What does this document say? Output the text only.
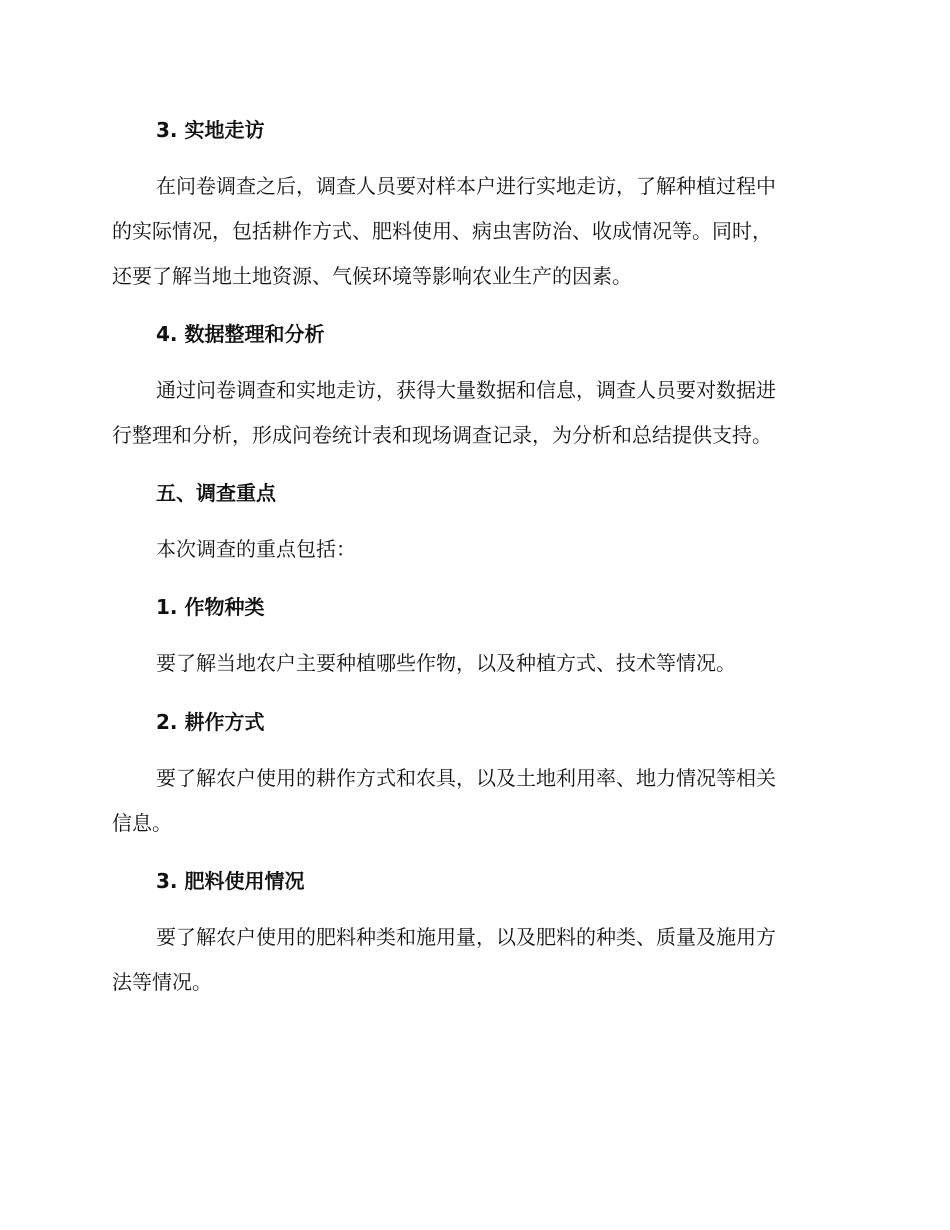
3. 实地走访
在问卷调查之后，调查人员要对样本户进行实地走访，了解种植过程中
的实际情况，包括耕作方式、肥料使用、病虫害防治、收成情况等。同时，
还要了解当地土地资源、气候环境等影响农业生产的因素。
4. 数据整理和分析
通过问卷调查和实地走访，获得大量数据和信息，调查人员要对数据进
行整理和分析，形成问卷统计表和现场调查记录，为分析和总结提供支持。
五、调查重点
本次调查的重点包括：
1. 作物种类
要了解当地农户主要种植哪些作物，以及种植方式、技术等情况。
2. 耕作方式
要了解农户使用的耕作方式和农具，以及土地利用率、地力情况等相关
信息。
3. 肥料使用情况
要了解农户使用的肥料种类和施用量，以及肥料的种类、质量及施用方
法等情况。
